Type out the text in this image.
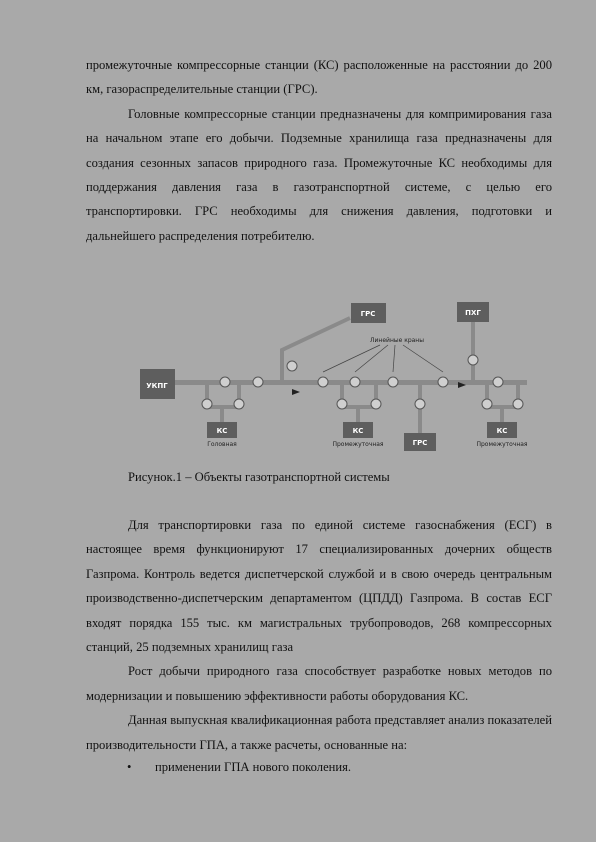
промежуточные компрессорные станции (КС) расположенные на расстоянии до 200 км, газораспределительные станции (ГРС).

Головные компрессорные станции предназначены для компримирования газа на начальном этапе его добычи. Подземные хранилища газа предназначены для создания сезонных запасов природного газа. Промежуточные КС необходимы для поддержания давления газа в газотранспортной системе, с целью его транспортировки. ГРС необходимы для снижения давления, подготовки и дальнейшего распределения потребителю.

УКПГ
ГРС	ПХГ
Линейные краны
КС
Головная
КС
Промежуточная	ГРС
КС
Промежуточная
Рисунок.1 – Объекты газотранспортной системы

Для транспортировки газа по единой системе газоснабжения (ЕСГ) в настоящее время функционируют 17 специализированных дочерних обществ Газпрома. Контроль ведется диспетчерской службой и в свою очередь центральным производственно-диспетчерским департаментом (ЦПДД) Газпрома. В состав ЕСГ входят порядка 155 тыс. км магистральных трубопроводов, 268 компрессорных станций, 25 подземных хранилищ газа

Рост добычи природного газа способствует разработке новых методов по модернизации и повышению эффективности работы оборудования КС.

Данная выпускная квалификационная работа представляет анализ показателей производительности ГПА, а также расчеты, основанные на:

• применении ГПА нового поколения.
